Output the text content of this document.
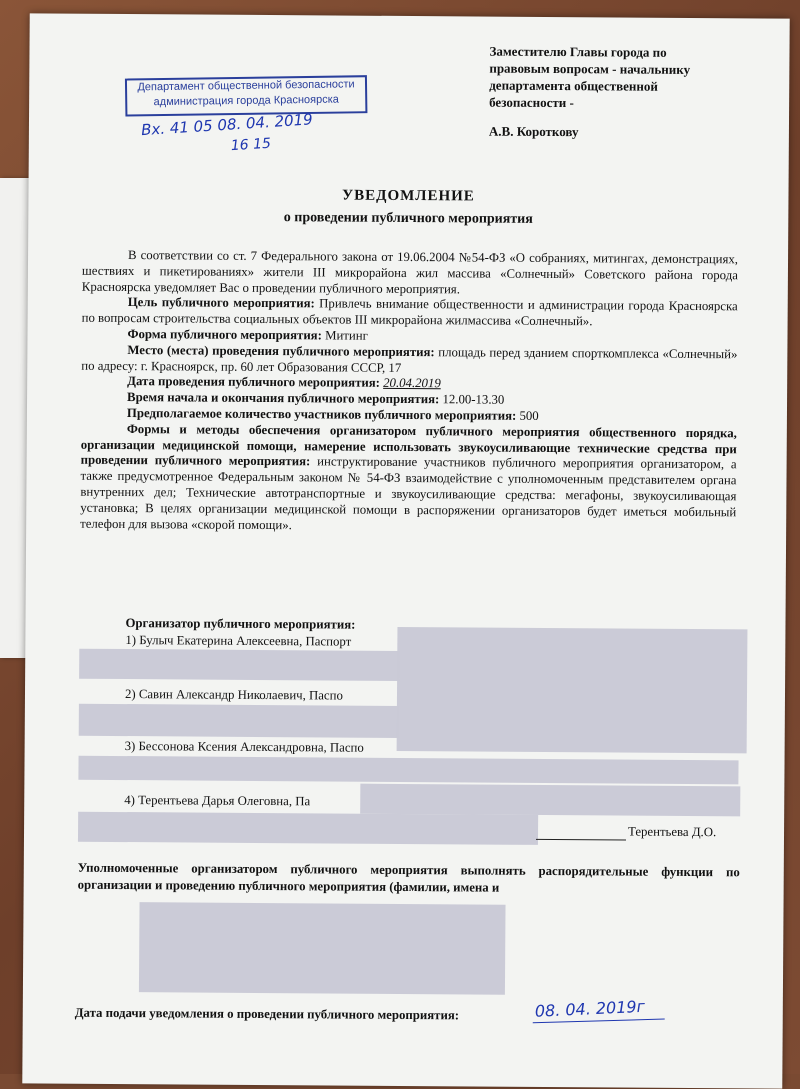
Заместителю Главы города по
правовым вопросам - начальнику
департамента общественной
безопасности -
А.В. Короткову
Департамент общественной безопасности
администрация города Красноярска
Вх. 41 05 08. 04. 2019
16 15
УВЕДОМЛЕНИЕ
о проведении публичного мероприятия

В соответствии со ст. 7 Федерального закона от 19.06.2004 №54-ФЗ «О собраниях, митингах, демонстрациях, шествиях и пикетированиях» жители III микрорайона жил массива «Солнечный» Советского района города Красноярска уведомляет Вас о проведении публичного мероприятия.

Цель публичного мероприятия: Привлечь внимание общественности и администрации города Красноярска по вопросам строительства социальных объектов III микрорайона жилмассива «Солнечный».

Форма публичного мероприятия: Митинг

Место (места) проведения публичного мероприятия: площадь перед зданием спорткомплекса «Солнечный» по адресу: г. Красноярск, пр. 60 лет Образования СССР, 17

Дата проведения публичного мероприятия: 20.04.2019

Время начала и окончания публичного мероприятия: 12.00-13.30

Предполагаемое количество участников публичного мероприятия: 500

Формы и методы обеспечения организатором публичного мероприятия общественного порядка, организации медицинской помощи, намерение использовать звукоусиливающие технические средства при проведении публичного мероприятия: инструктирование участников публичного мероприятия организатором, а также предусмотренное Федеральным законом № 54-ФЗ взаимодействие с уполномоченным представителем органа внутренних дел; Технические автотранспортные и звукоусиливающие средства: мегафоны, звукоусиливающая установка; В целях организации медицинской помощи в распоряжении организаторов будет иметься мобильный телефон для вызова «скорой помощи».

Организатор публичного мероприятия:
1) Булыч Екатерина Алексеевна, Паспорт
2) Савин Александр Николаевич, Паспо
3) Бессонова Ксения Александровна, Паспо
4) Терентьева Дарья Олеговна, Па
Терентьева Д.О.
Уполномоченные организатором публичного мероприятия выполнять распорядительные функции по организации и проведению публичного мероприятия (фамилии, имена и
Дата подачи уведомления о проведении публичного мероприятия:	08. 04. 2019г
